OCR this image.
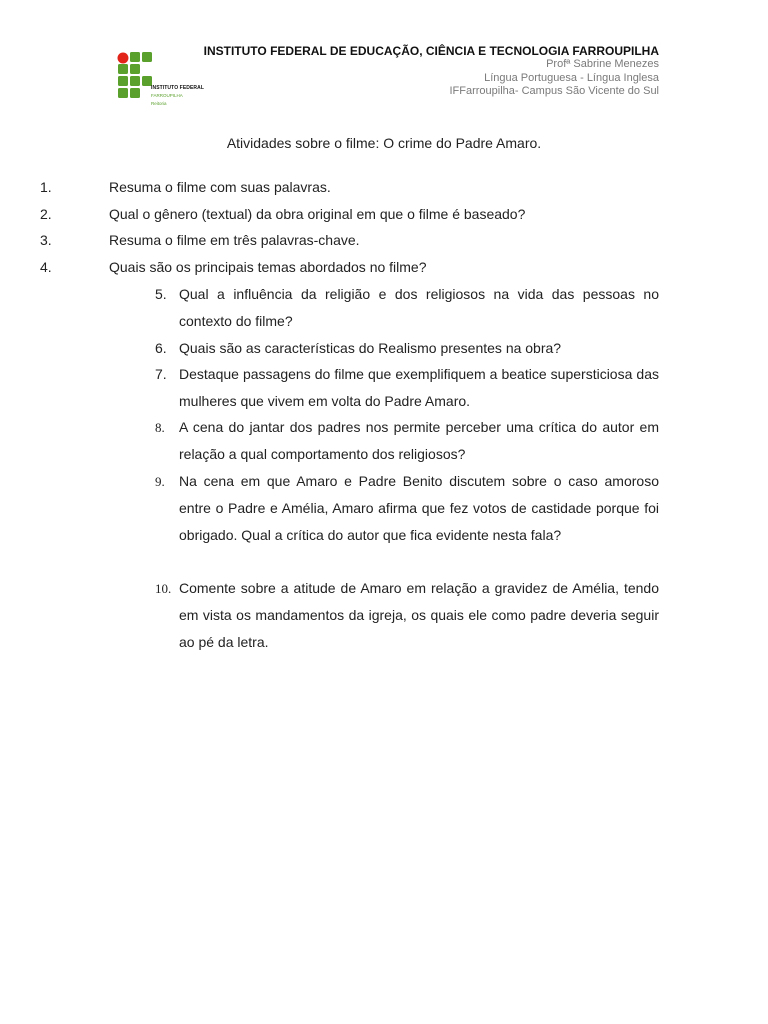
INSTITUTO FEDERAL
FARROUPILHA
Reitoria
INSTITUTO FEDERAL DE EDUCAÇÃO, CIÊNCIA E TECNOLOGIA FARROUPILHA
Profª Sabrine Menezes
Língua Portuguesa - Língua Inglesa
IFFarroupilha- Campus São Vicente do Sul
Atividades sobre o filme: O crime do Padre Amaro.
1.	Resuma o filme com suas palavras.
2.	Qual o gênero (textual) da obra original em que o filme é baseado?
3.	Resuma o filme em três palavras-chave.
4.	Quais são os principais temas abordados no filme?
5. Qual a influência da religião e dos religiosos na vida das pessoas no contexto do filme?
6. Quais são as características do Realismo presentes na obra?
7. Destaque passagens do filme que exemplifiquem a beatice supersticiosa das mulheres que vivem em volta do Padre Amaro.
8.	A cena do jantar dos padres nos permite perceber uma crítica do autor em relação a qual comportamento dos religiosos?
9.	Na cena em que Amaro e Padre Benito discutem sobre o caso amoroso entre o Padre e Amélia, Amaro afirma que fez votos de castidade porque foi obrigado. Qual a crítica do autor que fica evidente nesta fala?
10. Comente sobre a atitude de Amaro em relação a gravidez de Amélia, tendo em vista os mandamentos da igreja, os quais ele como padre deveria seguir ao pé da letra.
